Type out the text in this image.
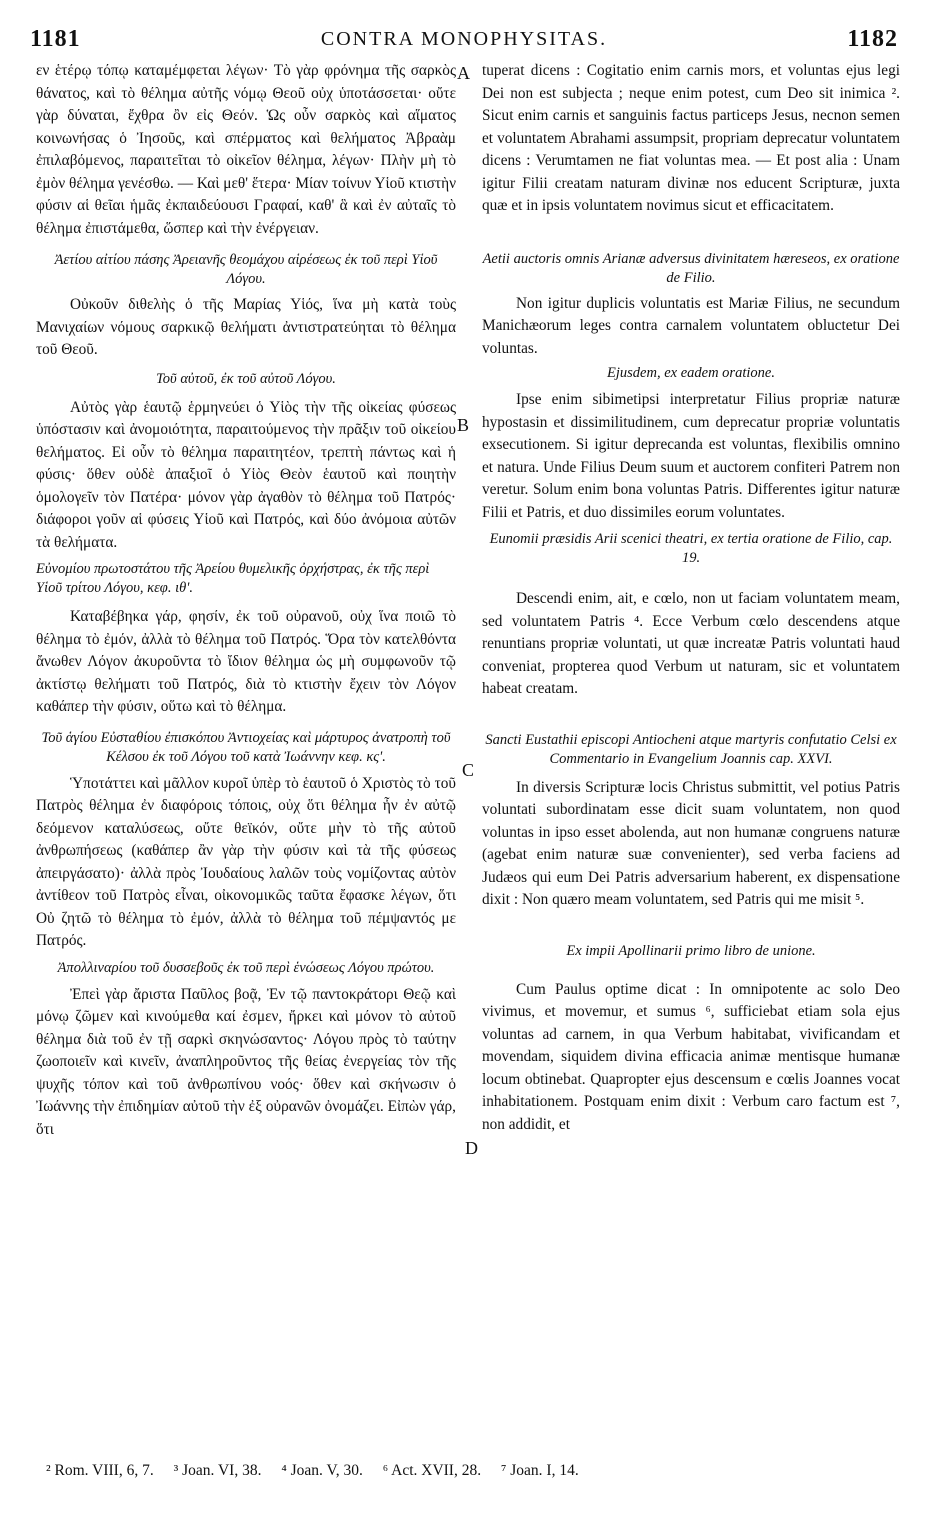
1181	CONTRA MONOPHYSITAS.	1182

εν ἑτέρῳ τόπῳ καταμέμφεται λέγων· Τὸ γὰρ φρόνημα τῆς σαρκὸς θάνατος, καὶ τὸ θέλημα αὐτῆς νόμῳ Θεοῦ οὐχ ὑποτάσσεται· οὔτε γὰρ δύναται, ἔχθρα ὂν εἰς Θεόν. Ὡς οὖν σαρκὸς καὶ αἵματος κοινωνήσας ὁ Ἰησοῦς, καὶ σπέρματος καὶ θελήματος Ἀβραὰμ ἐπιλαβόμενος, παραιτεῖται τὸ οἰκεῖον θέλημα, λέγων· Πλὴν μὴ τὸ ἐμὸν θέλημα γενέσθω. — Καὶ μεθ' ἕτερα· Μίαν τοίνυν Υἱοῦ κτιστὴν φύσιν αἱ θεῖαι ἡμᾶς ἐκπαιδεύουσι Γραφαί, καθ' ἃ καὶ ἐν αὐταῖς τὸ θέλημα ἐπιστάμεθα, ὥσπερ καὶ τὴν ἐνέργειαν.

Ἀετίου αἰτίου πάσης Ἀρειανῆς θεομάχου αἱρέσεως ἐκ τοῦ περὶ Υἱοῦ Λόγου.

Οὐκοῦν διθελὴς ὁ τῆς Μαρίας Υἱός, ἵνα μὴ κατὰ τοὺς Μανιχαίων νόμους σαρκικῷ θελήματι ἀντιστρατεύηται τὸ θέλημα τοῦ Θεοῦ.

Τοῦ αὐτοῦ, ἐκ τοῦ αὐτοῦ Λόγου.

Αὐτὸς γὰρ ἑαυτῷ ἑρμηνεύει ὁ Υἱὸς τὴν τῆς οἰκείας φύσεως ὑπόστασιν καὶ ἀνομοιότητα, παραιτούμενος τὴν πρᾶξιν τοῦ οἰκείου θελήματος. Εἰ οὖν τὸ θέλημα παραιτητέον, τρεπτὴ πάντως καὶ ἡ φύσις· ὅθεν οὐδὲ ἀπαξιοῖ ὁ Υἱὸς Θεὸν ἑαυτοῦ καὶ ποιητὴν ὁμολογεῖν τὸν Πατέρα· μόνον γὰρ ἀγαθὸν τὸ θέλημα τοῦ Πατρός· διάφοροι γοῦν αἱ φύσεις Υἱοῦ καὶ Πατρός, καὶ δύο ἀνόμοια αὐτῶν τὰ θελήματα.

Εὐνομίου πρωτοστάτου τῆς Ἀρείου θυμελικῆς ὀρχήστρας, ἐκ τῆς περὶ Υἱοῦ τρίτου Λόγου, κεφ. ιθ'.

Καταβέβηκα γάρ, φησίν, ἐκ τοῦ οὐρανοῦ, οὐχ ἵνα ποιῶ τὸ θέλημα τὸ ἐμόν, ἀλλὰ τὸ θέλημα τοῦ Πατρός. Ὅρα τὸν κατελθόντα ἄνωθεν Λόγον ἀκυροῦντα τὸ ἴδιον θέλημα ὡς μὴ συμφωνοῦν τῷ ἀκτίστῳ θελήματι τοῦ Πατρός, διὰ τὸ κτιστὴν ἔχειν τὸν Λόγον καθάπερ τὴν φύσιν, οὕτω καὶ τὸ θέλημα.

Τοῦ ἁγίου Εὐσταθίου ἐπισκόπου Ἀντιοχείας καὶ μάρτυρος ἀνατροπὴ τοῦ Κέλσου ἐκ τοῦ Λόγου τοῦ κατὰ Ἰωάννην κεφ. κς'.

Ὑποτάττει καὶ μᾶλλον κυροῖ ὑπὲρ τὸ ἑαυτοῦ ὁ Χριστὸς τὸ τοῦ Πατρὸς θέλημα ἐν διαφόροις τόποις, οὐχ ὅτι θέλημα ἦν ἐν αὐτῷ δεόμενον καταλύσεως, οὔτε θεϊκόν, οὔτε μὴν τὸ τῆς αὐτοῦ ἀνθρωπήσεως (καθάπερ ἂν γὰρ τὴν φύσιν καὶ τὰ τῆς φύσεως ἀπειργάσατο)· ἀλλὰ πρὸς Ἰουδαίους λαλῶν τοὺς νομίζοντας αὐτὸν ἀντίθεον τοῦ Πατρὸς εἶναι, οἰκονομικῶς ταῦτα ἔφασκε λέγων, ὅτι Οὐ ζητῶ τὸ θέλημα τὸ ἐμόν, ἀλλὰ τὸ θέλημα τοῦ πέμψαντός με Πατρός.

Ἀπολλιναρίου τοῦ δυσσεβοῦς ἐκ τοῦ περὶ ἑνώσεως Λόγου πρώτου.

Ἐπεὶ γὰρ ἄριστα Παῦλος βοᾷ, Ἐν τῷ παντοκράτορι Θεῷ καὶ μόνῳ ζῶμεν καὶ κινούμεθα καί ἐσμεν, ἤρκει καὶ μόνον τὸ αὐτοῦ θέλημα διὰ τοῦ ἐν τῇ σαρκὶ σκηνώσαντος· Λόγου πρὸς τὸ ταύτην ζωοποιεῖν καὶ κινεῖν, ἀναπληροῦντος τῆς θείας ἐνεργείας τὸν τῆς ψυχῆς τόπον καὶ τοῦ ἀνθρωπίνου νοός· ὅθεν καὶ σκήνωσιν ὁ Ἰωάννης τὴν ἐπιδημίαν αὐτοῦ τὴν ἐξ οὐρανῶν ὀνομάζει. Εἰπὼν γάρ, ὅτι

A
B
C
D

tuperat dicens : Cogitatio enim carnis mors, et voluntas ejus legi Dei non est subjecta ; neque enim potest, cum Deo sit inimica ². Sicut enim carnis et sanguinis factus particeps Jesus, necnon semen et voluntatem Abrahami assumpsit, propriam deprecatur voluntatem dicens : Verumtamen ne fiat voluntas mea. — Et post alia : Unam igitur Filii creatam naturam divinæ nos educent Scripturæ, juxta quæ et in ipsis voluntatem novimus sicut et efficacitatem.

Aetii auctoris omnis Arianæ adversus divinitatem hæreseos, ex oratione de Filio.

Non igitur duplicis voluntatis est Mariæ Filius, ne secundum Manichæorum leges contra carnalem voluntatem obluctetur Dei voluntas.

Ejusdem, ex eadem oratione.

Ipse enim sibimetipsi interpretatur Filius propriæ naturæ hypostasin et dissimilitudinem, cum deprecatur propriæ voluntatis exsecutionem. Si igitur deprecanda est voluntas, flexibilis omnino et natura. Unde Filius Deum suum et auctorem confiteri Patrem non veretur. Solum enim bona voluntas Patris. Differentes igitur naturæ Filii et Patris, et duo dissimiles eorum voluntates.

Eunomii præsidis Arii scenici theatri, ex tertia oratione de Filio, cap. 19.

Descendi enim, ait, e cœlo, non ut faciam voluntatem meam, sed voluntatem Patris ⁴. Ecce Verbum cœlo descendens atque renuntians propriæ voluntati, ut quæ increatæ Patris voluntati haud conveniat, propterea quod Verbum ut naturam, sic et voluntatem habeat creatam.

Sancti Eustathii episcopi Antiocheni atque martyris confutatio Celsi ex Commentario in Evangelium Joannis cap. XXVI.

In diversis Scripturæ locis Christus submittit, vel potius Patris voluntati subordinatam esse dicit suam voluntatem, non quod voluntas in ipso esset abolenda, aut non humanæ congruens naturæ (agebat enim naturæ suæ convenienter), sed verba faciens ad Judæos qui eum Dei Patris adversarium haberent, ex dispensatione dixit : Non quæro meam voluntatem, sed Patris qui me misit ⁵.

Ex impii Apollinarii primo libro de unione.

Cum Paulus optime dicat : In omnipotente ac solo Deo vivimus, et movemur, et sumus ⁶, sufficiebat etiam sola ejus voluntas ad carnem, in qua Verbum habitabat, vivificandam et movendam, siquidem divina efficacia animæ mentisque humanæ locum obtinebat. Quapropter ejus descensum e cœlis Joannes vocat inhabitationem. Postquam enim dixit : Verbum caro factum est ⁷, non addidit, et

² Rom. VIII, 6, 7. ³ Joan. VI, 38. ⁴ Joan. V, 30. ⁶ Act. XVII, 28. ⁷ Joan. I, 14.
